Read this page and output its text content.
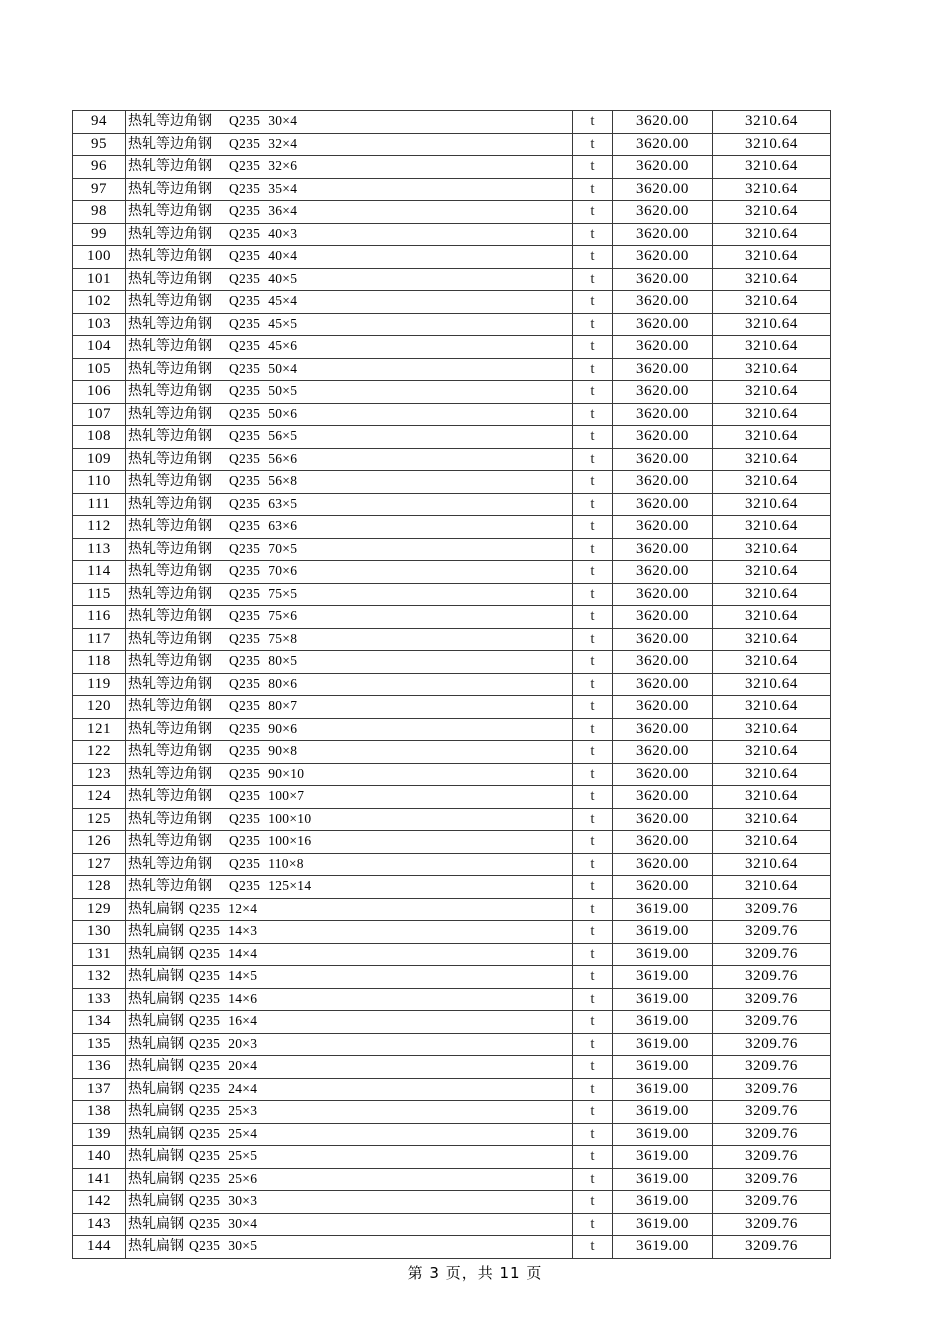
94	热轧等边角钢 Q235 30×4	t	3620.00	3210.64
95	热轧等边角钢 Q235 32×4	t	3620.00	3210.64
96	热轧等边角钢 Q235 32×6	t	3620.00	3210.64
97	热轧等边角钢 Q235 35×4	t	3620.00	3210.64
98	热轧等边角钢 Q235 36×4	t	3620.00	3210.64
99	热轧等边角钢 Q235 40×3	t	3620.00	3210.64
100	热轧等边角钢 Q235 40×4	t	3620.00	3210.64
101	热轧等边角钢 Q235 40×5	t	3620.00	3210.64
102	热轧等边角钢 Q235 45×4	t	3620.00	3210.64
103	热轧等边角钢 Q235 45×5	t	3620.00	3210.64
104	热轧等边角钢 Q235 45×6	t	3620.00	3210.64
105	热轧等边角钢 Q235 50×4	t	3620.00	3210.64
106	热轧等边角钢 Q235 50×5	t	3620.00	3210.64
107	热轧等边角钢 Q235 50×6	t	3620.00	3210.64
108	热轧等边角钢 Q235 56×5	t	3620.00	3210.64
109	热轧等边角钢 Q235 56×6	t	3620.00	3210.64
110	热轧等边角钢 Q235 56×8	t	3620.00	3210.64
111	热轧等边角钢 Q235 63×5	t	3620.00	3210.64
112	热轧等边角钢 Q235 63×6	t	3620.00	3210.64
113	热轧等边角钢 Q235 70×5	t	3620.00	3210.64
114	热轧等边角钢 Q235 70×6	t	3620.00	3210.64
115	热轧等边角钢 Q235 75×5	t	3620.00	3210.64
116	热轧等边角钢 Q235 75×6	t	3620.00	3210.64
117	热轧等边角钢 Q235 75×8	t	3620.00	3210.64
118	热轧等边角钢 Q235 80×5	t	3620.00	3210.64
119	热轧等边角钢 Q235 80×6	t	3620.00	3210.64
120	热轧等边角钢 Q235 80×7	t	3620.00	3210.64
121	热轧等边角钢 Q235 90×6	t	3620.00	3210.64
122	热轧等边角钢 Q235 90×8	t	3620.00	3210.64
123	热轧等边角钢 Q235 90×10	t	3620.00	3210.64
124	热轧等边角钢 Q235 100×7	t	3620.00	3210.64
125	热轧等边角钢 Q235 100×10	t	3620.00	3210.64
126	热轧等边角钢 Q235 100×16	t	3620.00	3210.64
127	热轧等边角钢 Q235 110×8	t	3620.00	3210.64
128	热轧等边角钢 Q235 125×14	t	3620.00	3210.64
129	热轧扁钢 Q235 12×4	t	3619.00	3209.76
130	热轧扁钢 Q235 14×3	t	3619.00	3209.76
131	热轧扁钢 Q235 14×4	t	3619.00	3209.76
132	热轧扁钢 Q235 14×5	t	3619.00	3209.76
133	热轧扁钢 Q235 14×6	t	3619.00	3209.76
134	热轧扁钢 Q235 16×4	t	3619.00	3209.76
135	热轧扁钢 Q235 20×3	t	3619.00	3209.76
136	热轧扁钢 Q235 20×4	t	3619.00	3209.76
137	热轧扁钢 Q235 24×4	t	3619.00	3209.76
138	热轧扁钢 Q235 25×3	t	3619.00	3209.76
139	热轧扁钢 Q235 25×4	t	3619.00	3209.76
140	热轧扁钢 Q235 25×5	t	3619.00	3209.76
141	热轧扁钢 Q235 25×6	t	3619.00	3209.76
142	热轧扁钢 Q235 30×3	t	3619.00	3209.76
143	热轧扁钢 Q235 30×4	t	3619.00	3209.76
144	热轧扁钢 Q235 30×5	t	3619.00	3209.76
第 3 页，共 11 页
